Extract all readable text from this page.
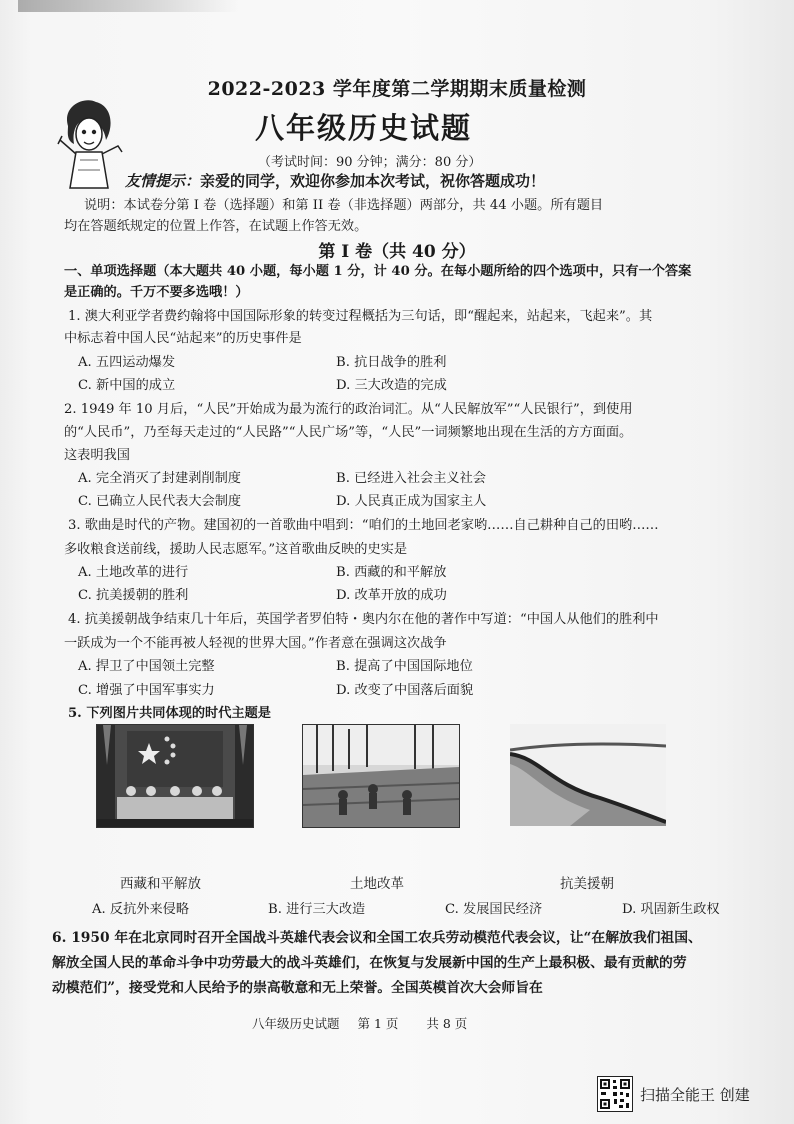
2022-2023 学年度第二学期期末质量检测
八年级历史试题
（考试时间：90 分钟；满分：80 分）
友情提示：亲爱的同学，欢迎你参加本次考试，祝你答题成功！
说明：本试卷分第 I 卷（选择题）和第 II 卷（非选择题）两部分，共 44 小题。所有题目
均在答题纸规定的位置上作答，在试题上作答无效。
第 I 卷（共 40 分）
一、单项选择题（本大题共 40 小题，每小题 1 分，计 40 分。在每小题所给的四个选项中，只有一个答案
是正确的。千万不要多选哦！）
1. 澳大利亚学者费约翰将中国国际形象的转变过程概括为三句话，即“醒起来，站起来，飞起来”。其
中标志着中国人民“站起来”的历史事件是
A. 五四运动爆发	B. 抗日战争的胜利
C. 新中国的成立	D. 三大改造的完成
2. 1949 年 10 月后，“人民”开始成为最为流行的政治词汇。从“人民解放军”“人民银行”，到使用
的“人民币”，乃至每天走过的“人民路”“人民广场”等，“人民”一词频繁地出现在生活的方方面面。
这表明我国
A. 完全消灭了封建剥削制度	B. 已经进入社会主义社会
C. 已确立人民代表大会制度	D. 人民真正成为国家主人
3. 歌曲是时代的产物。建国初的一首歌曲中唱到：“咱们的土地回老家哟……自己耕种自己的田哟……
多收粮食送前线，援助人民志愿军。”这首歌曲反映的史实是
A. 土地改革的进行	B. 西藏的和平解放
C. 抗美援朝的胜利	D. 改革开放的成功
4. 抗美援朝战争结束几十年后，英国学者罗伯特・奥内尔在他的著作中写道：“中国人从他们的胜利中
一跃成为一个不能再被人轻视的世界大国。”作者意在强调这次战争
A. 捍卫了中国领土完整	B. 提高了中国国际地位
C. 增强了中国军事实力	D. 改变了中国落后面貌
5. 下列图片共同体现的时代主题是
西藏和平解放	土地改革	抗美援朝
A. 反抗外来侵略	B. 进行三大改造	C. 发展国民经济	D. 巩固新生政权
6. 1950 年在北京同时召开全国战斗英雄代表会议和全国工农兵劳动模范代表会议，让“在解放我们祖国、
解放全国人民的革命斗争中功劳最大的战斗英雄们，在恢复与发展新中国的生产上最积极、最有贡献的劳
动模范们”，接受党和人民给予的崇高敬意和无上荣誉。全国英模首次大会师旨在
八年级历史试题 第 1 页 共 8 页
扫描全能王 创建
